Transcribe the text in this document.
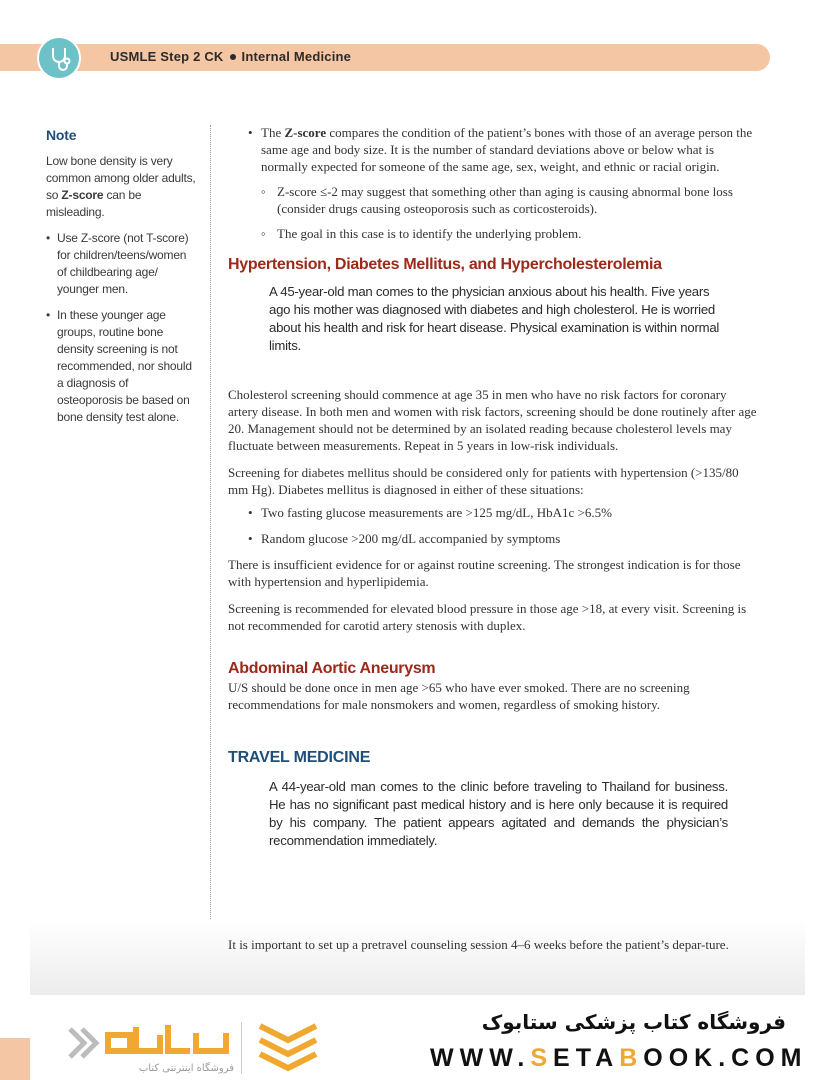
USMLE Step 2 CK Internal Medicine
Note
Low bone density is very common among older adults, so Z-score can be misleading.
• Use Z-score (not T-score) for children/teens/women of childbearing age/ younger men.
• In these younger age groups, routine bone density screening is not recommended, nor should a diagnosis of osteoporosis be based on bone density test alone.
• The Z-score compares the condition of the patient’s bones with those of an average person the same age and body size. It is the number of standard deviations above or below what is normally expected for someone of the same age, sex, weight, and ethnic or racial origin.
◦ Z-score ≤-2 may suggest that something other than aging is causing abnormal bone loss (consider drugs causing osteoporosis such as corticosteroids).
◦ The goal in this case is to identify the underlying problem.
Hypertension, Diabetes Mellitus, and Hypercholesterolemia
A 45-year-old man comes to the physician anxious about his health. Five years ago his mother was diagnosed with diabetes and high cholesterol. He is worried about his health and risk for heart disease. Physical examination is within normal limits.
Cholesterol screening should commence at age 35 in men who have no risk factors for coronary artery disease. In both men and women with risk factors, screening should be done routinely after age 20. Management should not be determined by an isolated reading because cholesterol levels may fluctuate between measurements. Repeat in 5 years in low-risk individuals.
Screening for diabetes mellitus should be considered only for patients with hypertension (>135/80 mm Hg). Diabetes mellitus is diagnosed in either of these situations:
• Two fasting glucose measurements are >125 mg/dL, HbA1c >6.5%
• Random glucose >200 mg/dL accompanied by symptoms
There is insufficient evidence for or against routine screening. The strongest indication is for those with hypertension and hyperlipidemia.
Screening is recommended for elevated blood pressure in those age >18, at every visit. Screening is not recommended for carotid artery stenosis with duplex.
Abdominal Aortic Aneurysm
U/S should be done once in men age >65 who have ever smoked. There are no screening recommendations for male nonsmokers and women, regardless of smoking history.
TRAVEL MEDICINE
A 44-year-old man comes to the clinic before traveling to Thailand for business. He has no significant past medical history and is here only because it is required by his company. The patient appears agitated and demands the physician’s recommendation immediately.
It is important to set up a pretravel counseling session 4–6 weeks before the patient’s depar-ture.
فروشگاه اینترنتی کتاب
فروشگاه کتاب پزشکی ستابوک
WWW.SETABOOK.COM
